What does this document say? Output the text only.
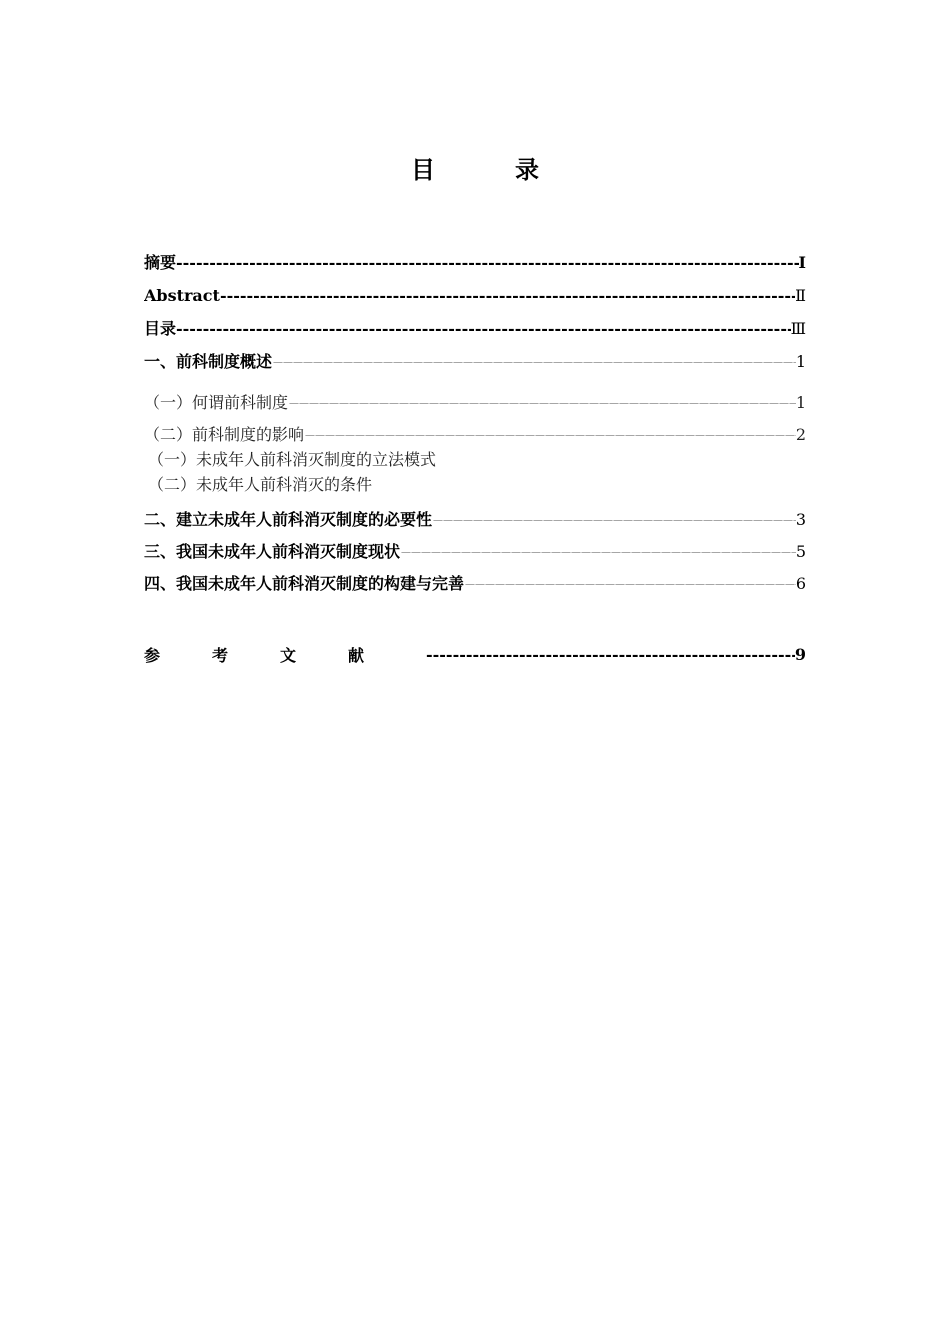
目　录
摘要 -----	I
Abstract -----	Ⅱ
目录 -----	Ⅲ
一、前科制度概述 －－－－－－－－－－－－－－－－－－－－－－－－－－－－－－－－－－－－－－－－－－－－－－－－－－－－－－－－－－－－－－－－－－	1
（一）何谓前科制度 －－－－－－－－－－－－－－－－－－－－－－－－－－－－－－－－－－－－－－－－－－－－－－－－－－－－－－－－－－－－－－－－－－	1
（二）前科制度的影响 －－－－－－－－－－－－－－－－－－－－－－－－－－－－－－－－－－－－－－－－－－－－－－－－－－－－－－－－－－－－－－－－－－	2
（一）未成年人前科消灭制度的立法模式
（二）未成年人前科消灭的条件
二、建立未成年人前科消灭制度的必要性 －－－－－－－－－－－－－－－－－－－－－－－－－－－－－－－－－－－－－－－－－－－－－－－－－－－－－－－－－－－－－－－－－－	3
三、我国未成年人前科消灭制度现状 －－－－－－－－－－－－－－－－－－－－－－－－－－－－－－－－－－－－－－－－－－－－－－－－－－－－－－－－－－－－－－－－－－	5
四、我国未成年人前科消灭制度的构建与完善 －－－－－－－－－－－－－－－－－－－－－－－－－－－－－－－－－－－－－－－－－－－－－－－－－－－－－－－－－－－－－－－－－－	6
参考文献 -----	9
